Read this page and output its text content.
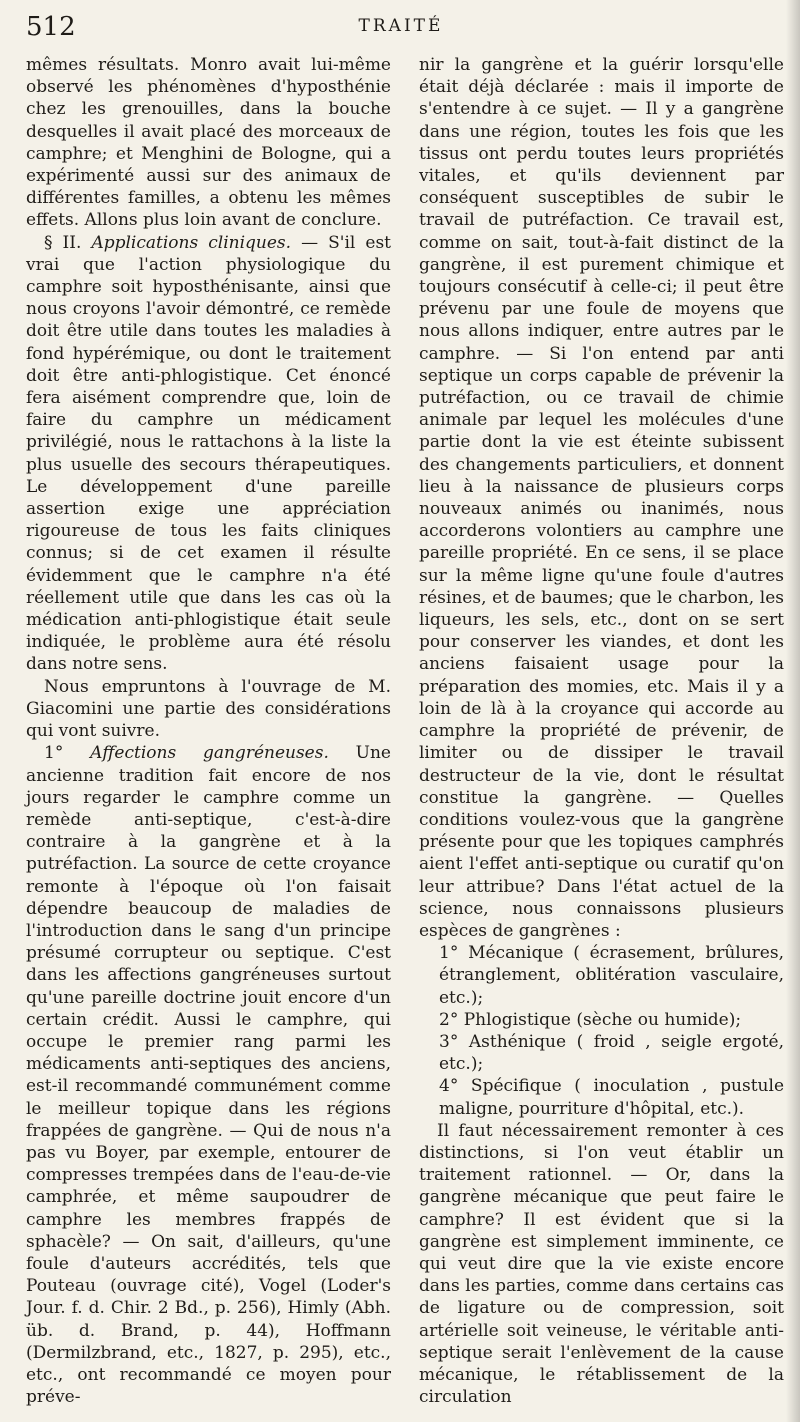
512	TRAITÉ

mêmes résultats. Monro avait lui-même observé les phénomènes d'hyposthénie chez les grenouilles, dans la bouche desquelles il avait placé des morceaux de camphre; et Menghini de Bologne, qui a expérimenté aussi sur des animaux de différentes familles, a obtenu les mêmes effets. Allons plus loin avant de conclure.

§ II. Applications cliniques. — S'il est vrai que l'action physiologique du camphre soit hyposthénisante, ainsi que nous croyons l'avoir démontré, ce remède doit être utile dans toutes les maladies à fond hypérémique, ou dont le traitement doit être anti-phlogistique. Cet énoncé fera aisément comprendre que, loin de faire du camphre un médicament privilégié, nous le rattachons à la liste la plus usuelle des secours thérapeutiques. Le développement d'une pareille assertion exige une appréciation rigoureuse de tous les faits cliniques connus; si de cet examen il résulte évidemment que le camphre n'a été réellement utile que dans les cas où la médication anti-phlogistique était seule indiquée, le problème aura été résolu dans notre sens.

Nous empruntons à l'ouvrage de M. Giacomini une partie des considérations qui vont suivre.

1° Affections gangréneuses. Une ancienne tradition fait encore de nos jours regarder le camphre comme un remède anti-septique, c'est-à-dire contraire à la gangrène et à la putréfaction. La source de cette croyance remonte à l'époque où l'on faisait dépendre beaucoup de maladies de l'introduction dans le sang d'un principe présumé corrupteur ou septique. C'est dans les affections gangréneuses surtout qu'une pareille doctrine jouit encore d'un certain crédit. Aussi le camphre, qui occupe le premier rang parmi les médicaments anti-septiques des anciens, est-il recommandé communément comme le meilleur topique dans les régions frappées de gangrène. — Qui de nous n'a pas vu Boyer, par exemple, entourer de compresses trempées dans de l'eau-de-vie camphrée, et même saupoudrer de camphre les membres frappés de sphacèle? — On sait, d'ailleurs, qu'une foule d'auteurs accrédités, tels que Pouteau (ouvrage cité), Vogel (Loder's Jour. f. d. Chir. 2 Bd., p. 256), Himly (Abh. üb. d. Brand, p. 44), Hoffmann (Dermilzbrand, etc., 1827, p. 295), etc., etc., ont recommandé ce moyen pour préve-

nir la gangrène et la guérir lorsqu'elle était déjà déclarée : mais il importe de s'entendre à ce sujet. — Il y a gangrène dans une région, toutes les fois que les tissus ont perdu toutes leurs propriétés vitales, et qu'ils deviennent par conséquent susceptibles de subir le travail de putréfaction. Ce travail est, comme on sait, tout-à-fait distinct de la gangrène, il est purement chimique et toujours consécutif à celle-ci; il peut être prévenu par une foule de moyens que nous allons indiquer, entre autres par le camphre. — Si l'on entend par anti septique un corps capable de prévenir la putréfaction, ou ce travail de chimie animale par lequel les molécules d'une partie dont la vie est éteinte subissent des changements particuliers, et donnent lieu à la naissance de plusieurs corps nouveaux animés ou inanimés, nous accorderons volontiers au camphre une pareille propriété. En ce sens, il se place sur la même ligne qu'une foule d'autres résines, et de baumes; que le charbon, les liqueurs, les sels, etc., dont on se sert pour conserver les viandes, et dont les anciens faisaient usage pour la préparation des momies, etc. Mais il y a loin de là à la croyance qui accorde au camphre la propriété de prévenir, de limiter ou de dissiper le travail destructeur de la vie, dont le résultat constitue la gangrène. — Quelles conditions voulez-vous que la gangrène présente pour que les topiques camphrés aient l'effet anti-septique ou curatif qu'on leur attribue? Dans l'état actuel de la science, nous connaissons plusieurs espèces de gangrènes :

1° Mécanique ( écrasement, brûlures, étranglement, oblitération vasculaire, etc.);

2° Phlogistique (sèche ou humide);

3° Asthénique ( froid , seigle ergoté, etc.);

4° Spécifique ( inoculation , pustule maligne, pourriture d'hôpital, etc.).

Il faut nécessairement remonter à ces distinctions, si l'on veut établir un traitement rationnel. — Or, dans la gangrène mécanique que peut faire le camphre? Il est évident que si la gangrène est simplement imminente, ce qui veut dire que la vie existe encore dans les parties, comme dans certains cas de ligature ou de compression, soit artérielle soit veineuse, le véritable anti-septique serait l'enlèvement de la cause mécanique, le rétablissement de la circulation
